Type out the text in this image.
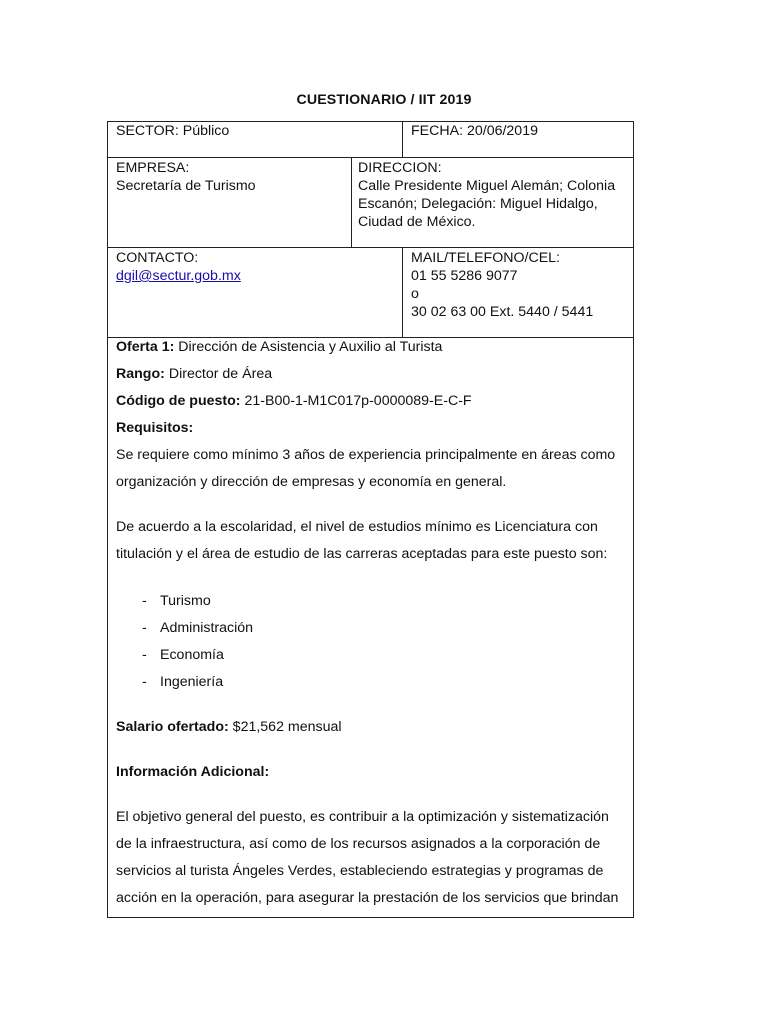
CUESTIONARIO / IIT 2019
SECTOR: Público	FECHA: 20/06/2019
EMPRESA:
Secretaría de Turismo
DIRECCION:
Calle Presidente Miguel Alemán; Colonia
Escanón; Delegación: Miguel Hidalgo,
Ciudad de México.
CONTACTO:
dgil@sectur.gob.mx
MAIL/TELEFONO/CEL:
01 55 5286 9077
o
30 02 63 00 Ext. 5440 / 5441
Oferta 1: Dirección de Asistencia y Auxilio al Turista
Rango: Director de Área
Código de puesto: 21-B00-1-M1C017p-0000089-E-C-F
Requisitos:
Se requiere como mínimo 3 años de experiencia principalmente en áreas como
organización y dirección de empresas y economía en general.
De acuerdo a la escolaridad, el nivel de estudios mínimo es Licenciatura con
titulación y el área de estudio de las carreras aceptadas para este puesto son:
- Turismo
- Administración
- Economía
- Ingeniería
Salario ofertado: $21,562 mensual
Información Adicional:
El objetivo general del puesto, es contribuir a la optimización y sistematización
de la infraestructura, así como de los recursos asignados a la corporación de
servicios al turista Ángeles Verdes, estableciendo estrategias y programas de
acción en la operación, para asegurar la prestación de los servicios que brindan
